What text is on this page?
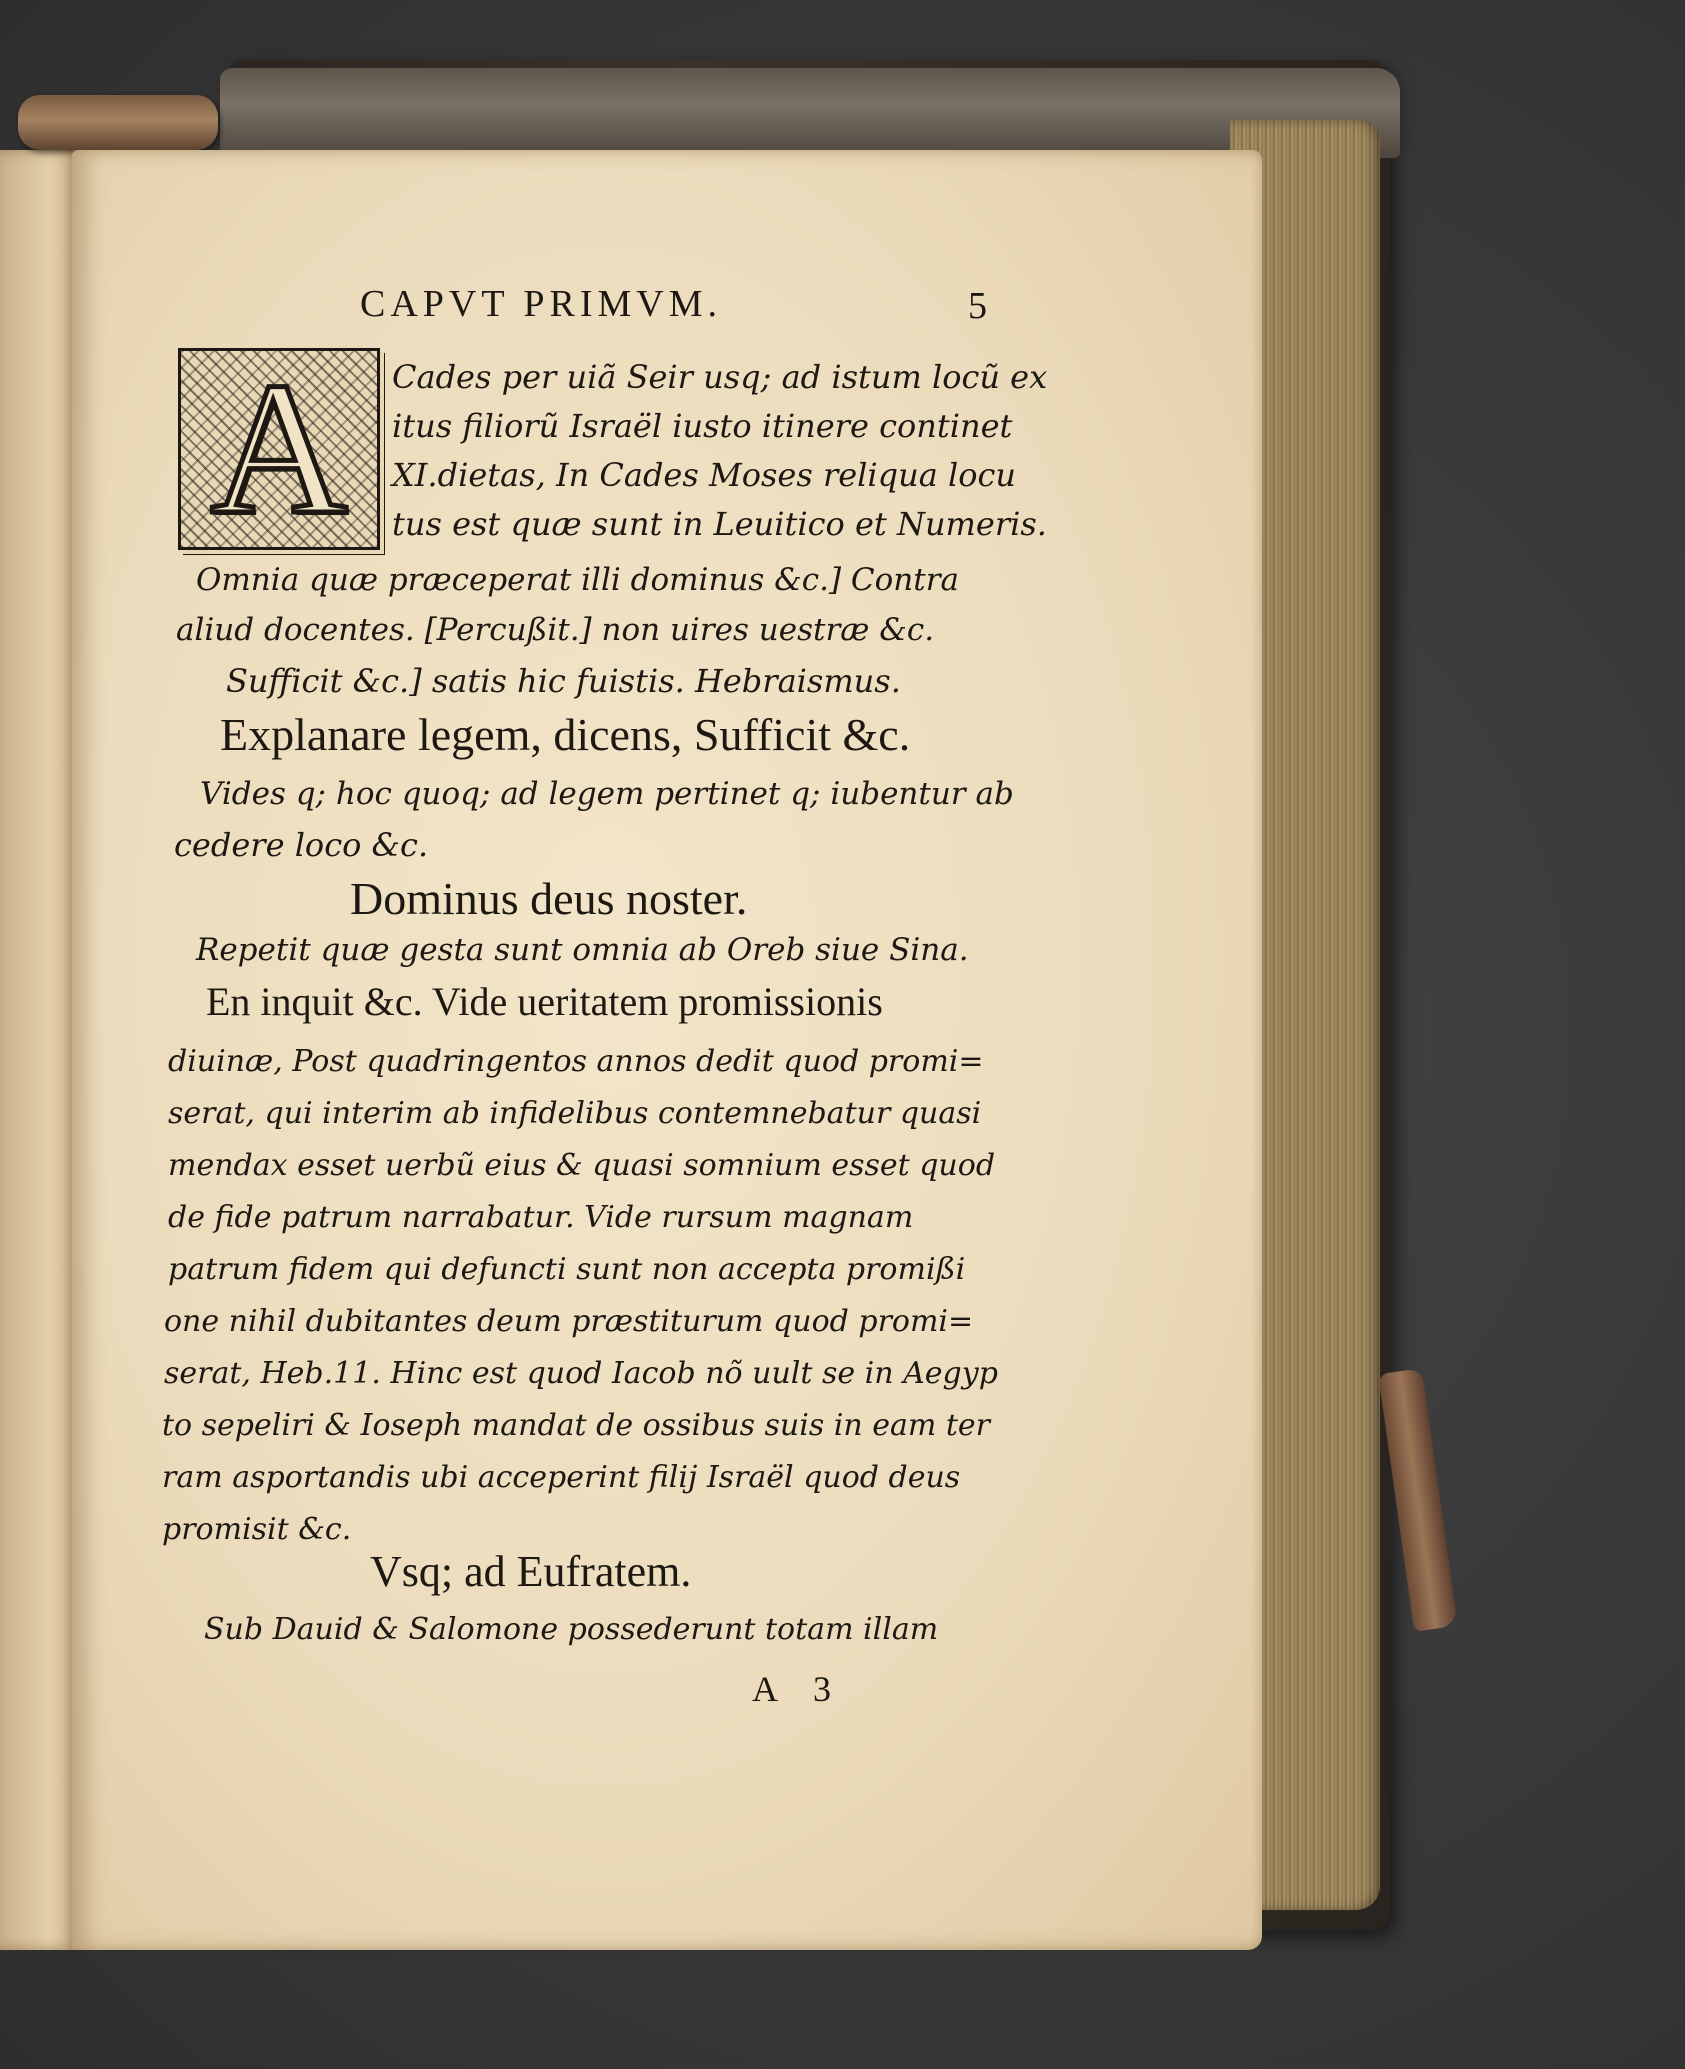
CAPVT PRIMVM.	5
A	Cades per uiã Seir usq; ad istum locũ ex
itus filiorũ Israël iusto itinere continet
XI.dietas, In Cades Moses reliqua locu
tus est quæ sunt in Leuitico et Numeris.
Omnia quæ præceperat illi dominus &c.] Contra
aliud docentes. [Percußit.] non uires uestræ &c.
Sufficit &c.] satis hic fuistis. Hebraismus.
Explanare legem, dicens, Sufficit &c.
Vides q; hoc quoq; ad legem pertinet q; iubentur ab
cedere loco &c.
Dominus deus noster.
Repetit quæ gesta sunt omnia ab Oreb siue Sina.
En inquit &c. Vide ueritatem promissionis
diuinæ, Post quadringentos annos dedit quod promi=
serat, qui interim ab infidelibus contemnebatur quasi
mendax esset uerbũ eius & quasi somnium esset quod
de fide patrum narrabatur. Vide rursum magnam
patrum fidem qui defuncti sunt non accepta promißi
one nihil dubitantes deum præstiturum quod promi=
serat, Heb.11. Hinc est quod Iacob nõ uult se in Aegyp
to sepeliri & Ioseph mandat de ossibus suis in eam ter
ram asportandis ubi acceperint filij Israël quod deus
promisit &c.
Vsq; ad Eufratem.
Sub Dauid & Salomone possederunt totam illam
A 3
